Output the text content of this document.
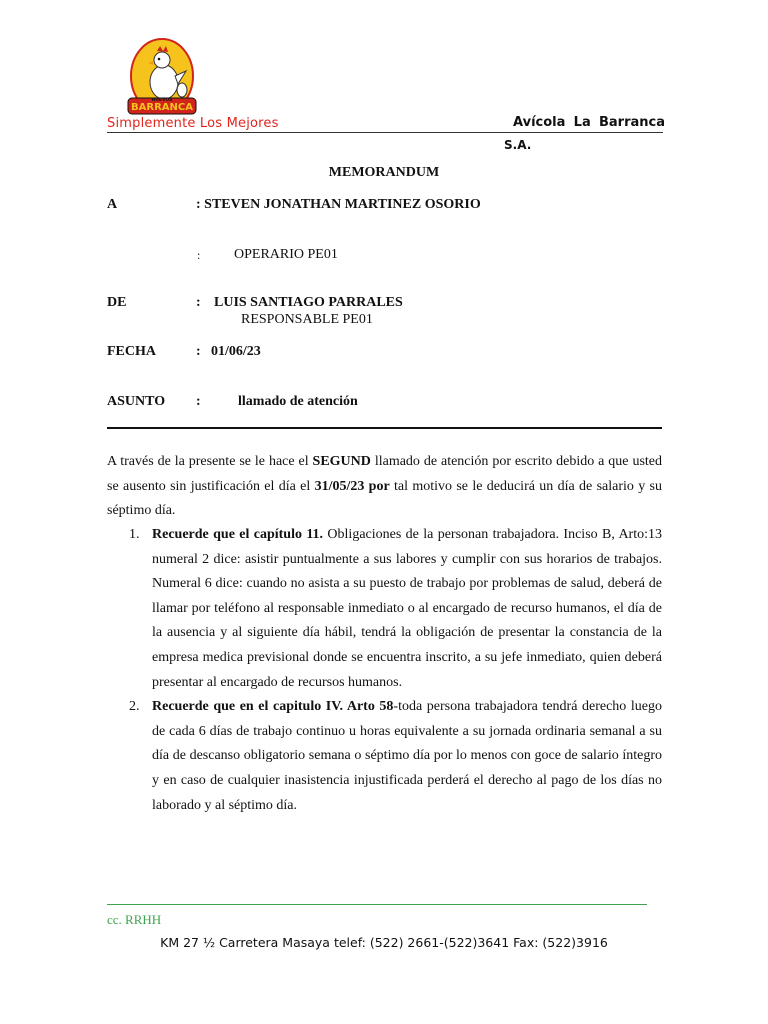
BARRANCA
HUEVOS
Simplemente Los Mejores	Avícola La Barranca
S.A.
MEMORANDUM
A	: STEVEN JONATHAN MARTINEZ OSORIO
: OPERARIO PE01
DE	: LUIS SANTIAGO PARRALES
RESPONSABLE PE01
FECHA	: 01/06/23
ASUNTO :	llamado de atención
A través de la presente se le hace el SEGUND llamado de atención por escrito debido a que usted se ausento sin justificación el día el 31/05/23 por tal motivo se le deducirá un día de salario y su séptimo día.
1. Recuerde que el capítulo 11. Obligaciones de la personan trabajadora. Inciso B, Arto:13 numeral 2 dice: asistir puntualmente a sus labores y cumplir con sus horarios de trabajos. Numeral 6 dice: cuando no asista a su puesto de trabajo por problemas de salud, deberá de llamar por teléfono al responsable inmediato o al encargado de recurso humanos, el día de la ausencia y al siguiente día hábil, tendrá la obligación de presentar la constancia de la empresa medica previsional donde se encuentra inscrito, a su jefe inmediato, quien deberá presentar al encargado de recursos humanos.
2. Recuerde que en el capitulo IV. Arto 58-toda persona trabajadora tendrá derecho luego de cada 6 días de trabajo continuo u horas equivalente a su jornada ordinaria semanal a su día de descanso obligatorio semana o séptimo día por lo menos con goce de salario íntegro y en caso de cualquier inasistencia injustificada perderá el derecho al pago de los días no laborado y al séptimo día.
cc. RRHH
KM 27 ½ Carretera Masaya telef: (522) 2661-(522)3641 Fax: (522)3916
